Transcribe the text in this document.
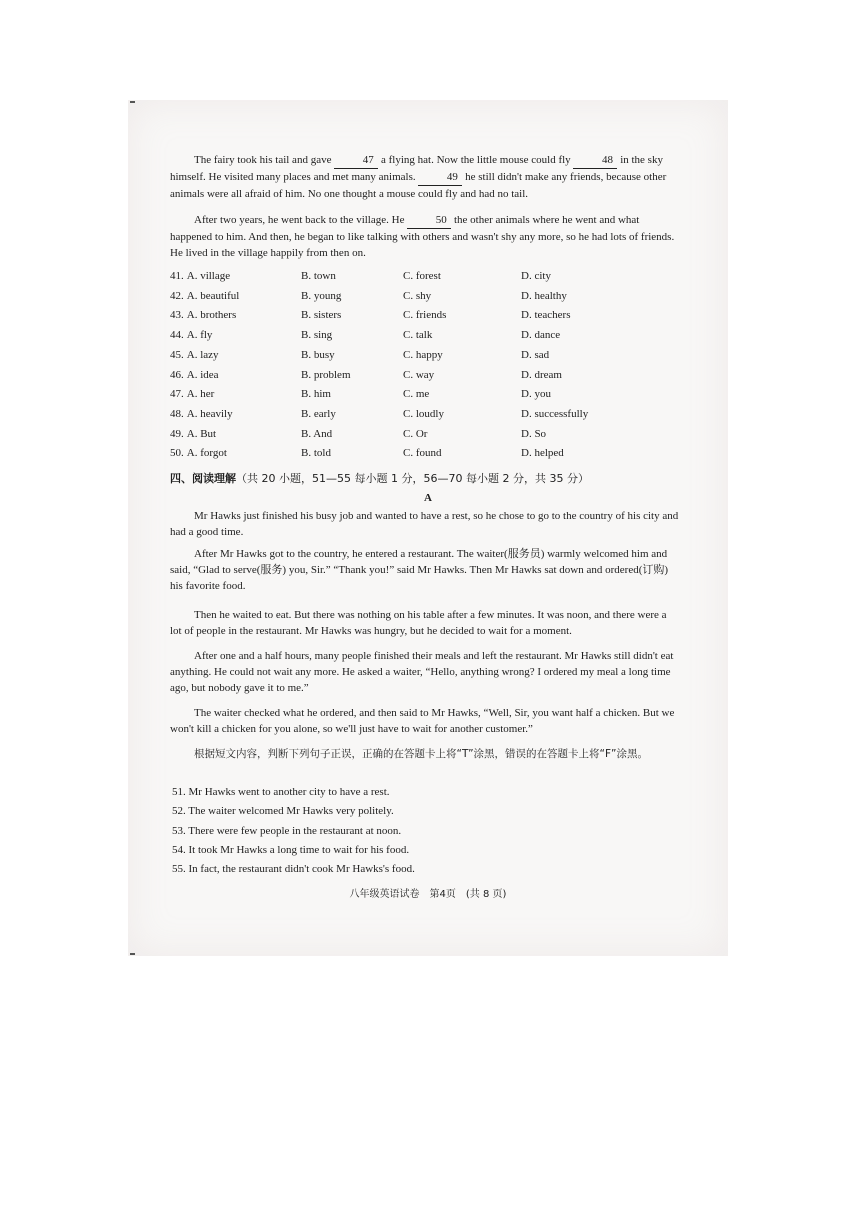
The fairy took his tail and gave	47 a flying hat. Now the little mouse could fly	48 in the sky himself. He visited many places and met many animals.	49 he still didn't make any friends, because other animals were all afraid of him. No one thought a mouse could fly and had no tail.

After two years, he went back to the village. He	50 the other animals where he went and what happened to him. And then, he began to like talking with others and wasn't shy any more, so he had lots of friends. He lived in the village happily from then on.

41. A. village	B. town	C. forest	D. city
42. A. beautiful	B. young	C. shy	D. healthy
43. A. brothers	B. sisters	C. friends	D. teachers
44. A. fly	B. sing	C. talk	D. dance
45. A. lazy	B. busy	C. happy	D. sad
46. A. idea	B. problem	C. way	D. dream
47. A. her	B. him	C. me	D. you
48. A. heavily	B. early	C. loudly	D. successfully
49. A. But	B. And	C. Or	D. So
50. A. forgot	B. told	C. found	D. helped
四、阅读理解（共 20 小题，51—55 每小题 1 分，56—70 每小题 2 分，共 35 分）
A

Mr Hawks just finished his busy job and wanted to have a rest, so he chose to go to the country of his city and had a good time.

After Mr Hawks got to the country, he entered a restaurant. The waiter(服务员) warmly welcomed him and said, “Glad to serve(服务) you, Sir.” “Thank you!” said Mr Hawks. Then Mr Hawks sat down and ordered(订购) his favorite food.

Then he waited to eat. But there was nothing on his table after a few minutes. It was noon, and there were a lot of people in the restaurant. Mr Hawks was hungry, but he decided to wait for a moment.

After one and a half hours, many people finished their meals and left the restaurant. Mr Hawks still didn't eat anything. He could not wait any more. He asked a waiter, “Hello, anything wrong? I ordered my meal a long time ago, but nobody gave it to me.”

The waiter checked what he ordered, and then said to Mr Hawks, “Well, Sir, you want half a chicken. But we won't kill a chicken for you alone, so we'll just have to wait for another customer.”

根据短文内容，判断下列句子正误，正确的在答题卡上将“T”涂黑，错误的在答题卡上将“F”涂黑。

51. Mr Hawks went to another city to have a rest.
52. The waiter welcomed Mr Hawks very politely.
53. There were few people in the restaurant at noon.
54. It took Mr Hawks a long time to wait for his food.
55. In fact, the restaurant didn't cook Mr Hawks's food.
八年级英语试卷　第4页　(共 8 页)
